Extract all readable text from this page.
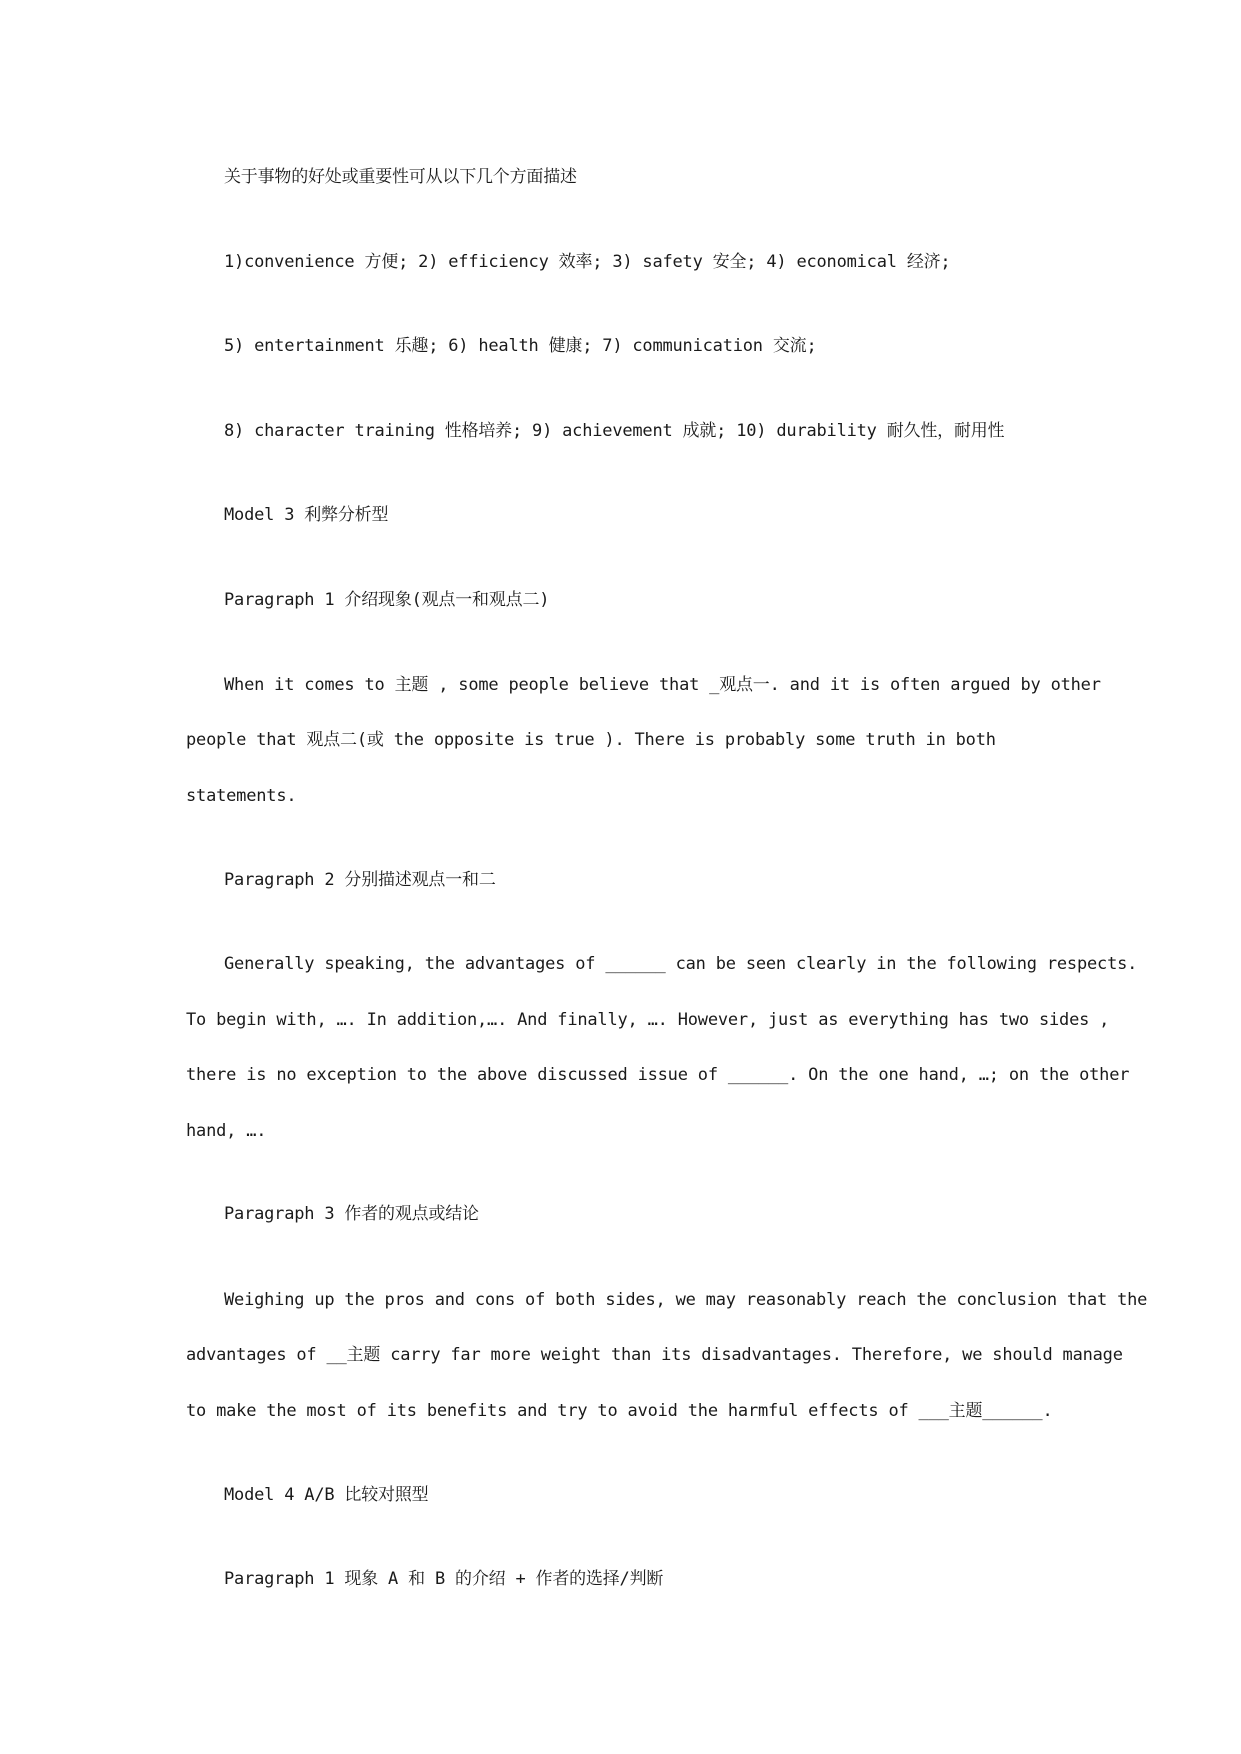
关于事物的好处或重要性可从以下几个方面描述
1)convenience 方便; 2) efficiency 效率; 3) safety 安全; 4) economical 经济;
5) entertainment 乐趣; 6) health 健康; 7) communication 交流;
8) character training 性格培养; 9) achievement 成就; 10) durability 耐久性，耐用性
Model 3 利弊分析型
Paragraph 1 介绍现象(观点一和观点二)
When it comes to 主题 , some people believe that _观点一. and it is often argued by other
people that 观点二(或 the opposite is true ). There is probably some truth in both
statements.
Paragraph 2 分别描述观点一和二
Generally speaking, the advantages of ______ can be seen clearly in the following respects.
To begin with, …. In addition,…. And finally, …. However, just as everything has two sides ,
there is no exception to the above discussed issue of ______. On the one hand, …; on the other
hand, ….
Paragraph 3 作者的观点或结论
Weighing up the pros and cons of both sides, we may reasonably reach the conclusion that the
advantages of __主题 carry far more weight than its disadvantages. Therefore, we should manage
to make the most of its benefits and try to avoid the harmful effects of ___主题______.
Model 4 A/B 比较对照型
Paragraph 1 现象 A 和 B 的介绍 + 作者的选择/判断
